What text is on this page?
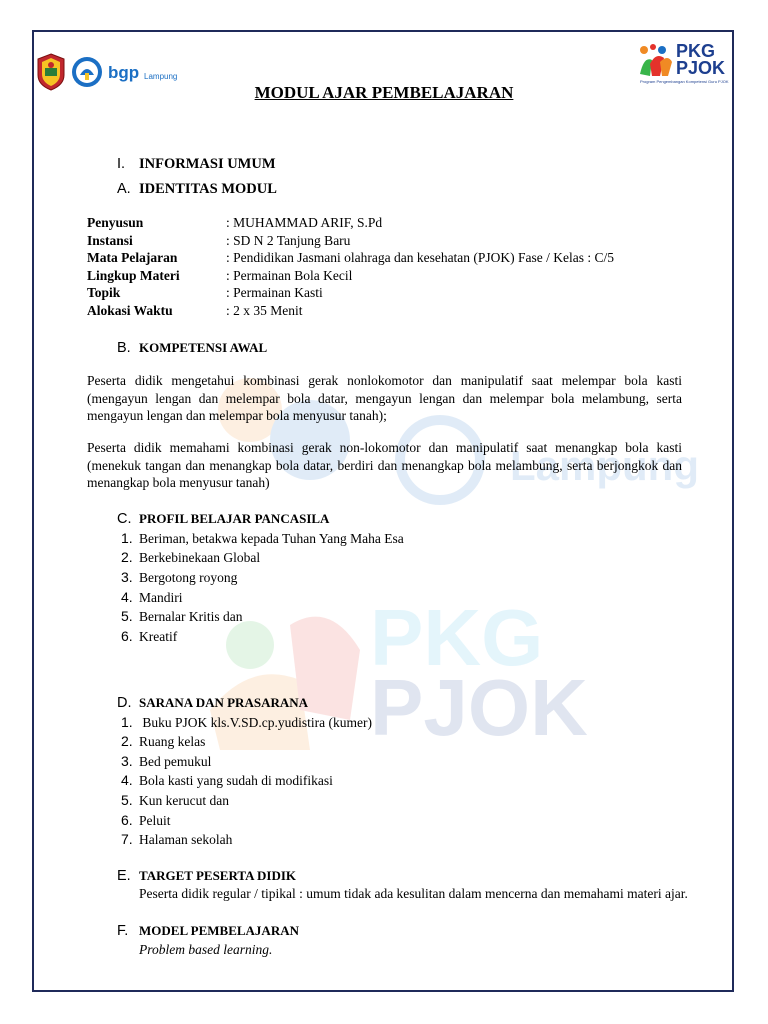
PKG
PJOK
Lampung
bgp Lampung
PKG
PJOK
Program Pengembangan Kompetensi Guru PJOK
MODUL AJAR PEMBELAJARAN
I. INFORMASI UMUM
A. IDENTITAS MODUL
Penyusun	: MUHAMMAD ARIF, S.Pd
Instansi	: SD N 2 Tanjung Baru
Mata Pelajaran	: Pendidikan Jasmani olahraga dan kesehatan (PJOK) Fase / Kelas : C/5
Lingkup Materi	: Permainan Bola Kecil
Topik	: Permainan Kasti
Alokasi Waktu	: 2 x 35 Menit
B. KOMPETENSI AWAL
Peserta didik mengetahui kombinasi gerak nonlokomotor dan manipulatif saat melempar bola kasti (mengayun lengan dan melempar bola datar, mengayun lengan dan melempar bola melambung, serta mengayun lengan dan melempar bola menyusur tanah);
Peserta didik memahami kombinasi gerak non-lokomotor dan manipulatif saat menangkap bola kasti (menekuk tangan dan menangkap bola datar, berdiri dan menangkap bola melambung, serta berjongkok dan menangkap bola menyusur tanah)
C. PROFIL BELAJAR PANCASILA
1. Beriman, betakwa kepada Tuhan Yang Maha Esa
2. Berkebinekaan Global
3. Bergotong royong
4. Mandiri
5. Bernalar Kritis dan
6. Kreatif
D. SARANA DAN PRASARANA
1. Buku PJOK kls.V.SD.cp.yudistira (kumer)
2. Ruang kelas
3. Bed pemukul
4. Bola kasti yang sudah di modifikasi
5. Kun kerucut dan
6. Peluit
7. Halaman sekolah
E. TARGET PESERTA DIDIK
Peserta didik regular / tipikal : umum tidak ada kesulitan dalam mencerna dan memahami materi ajar.
F. MODEL PEMBELAJARAN
Problem based learning.
